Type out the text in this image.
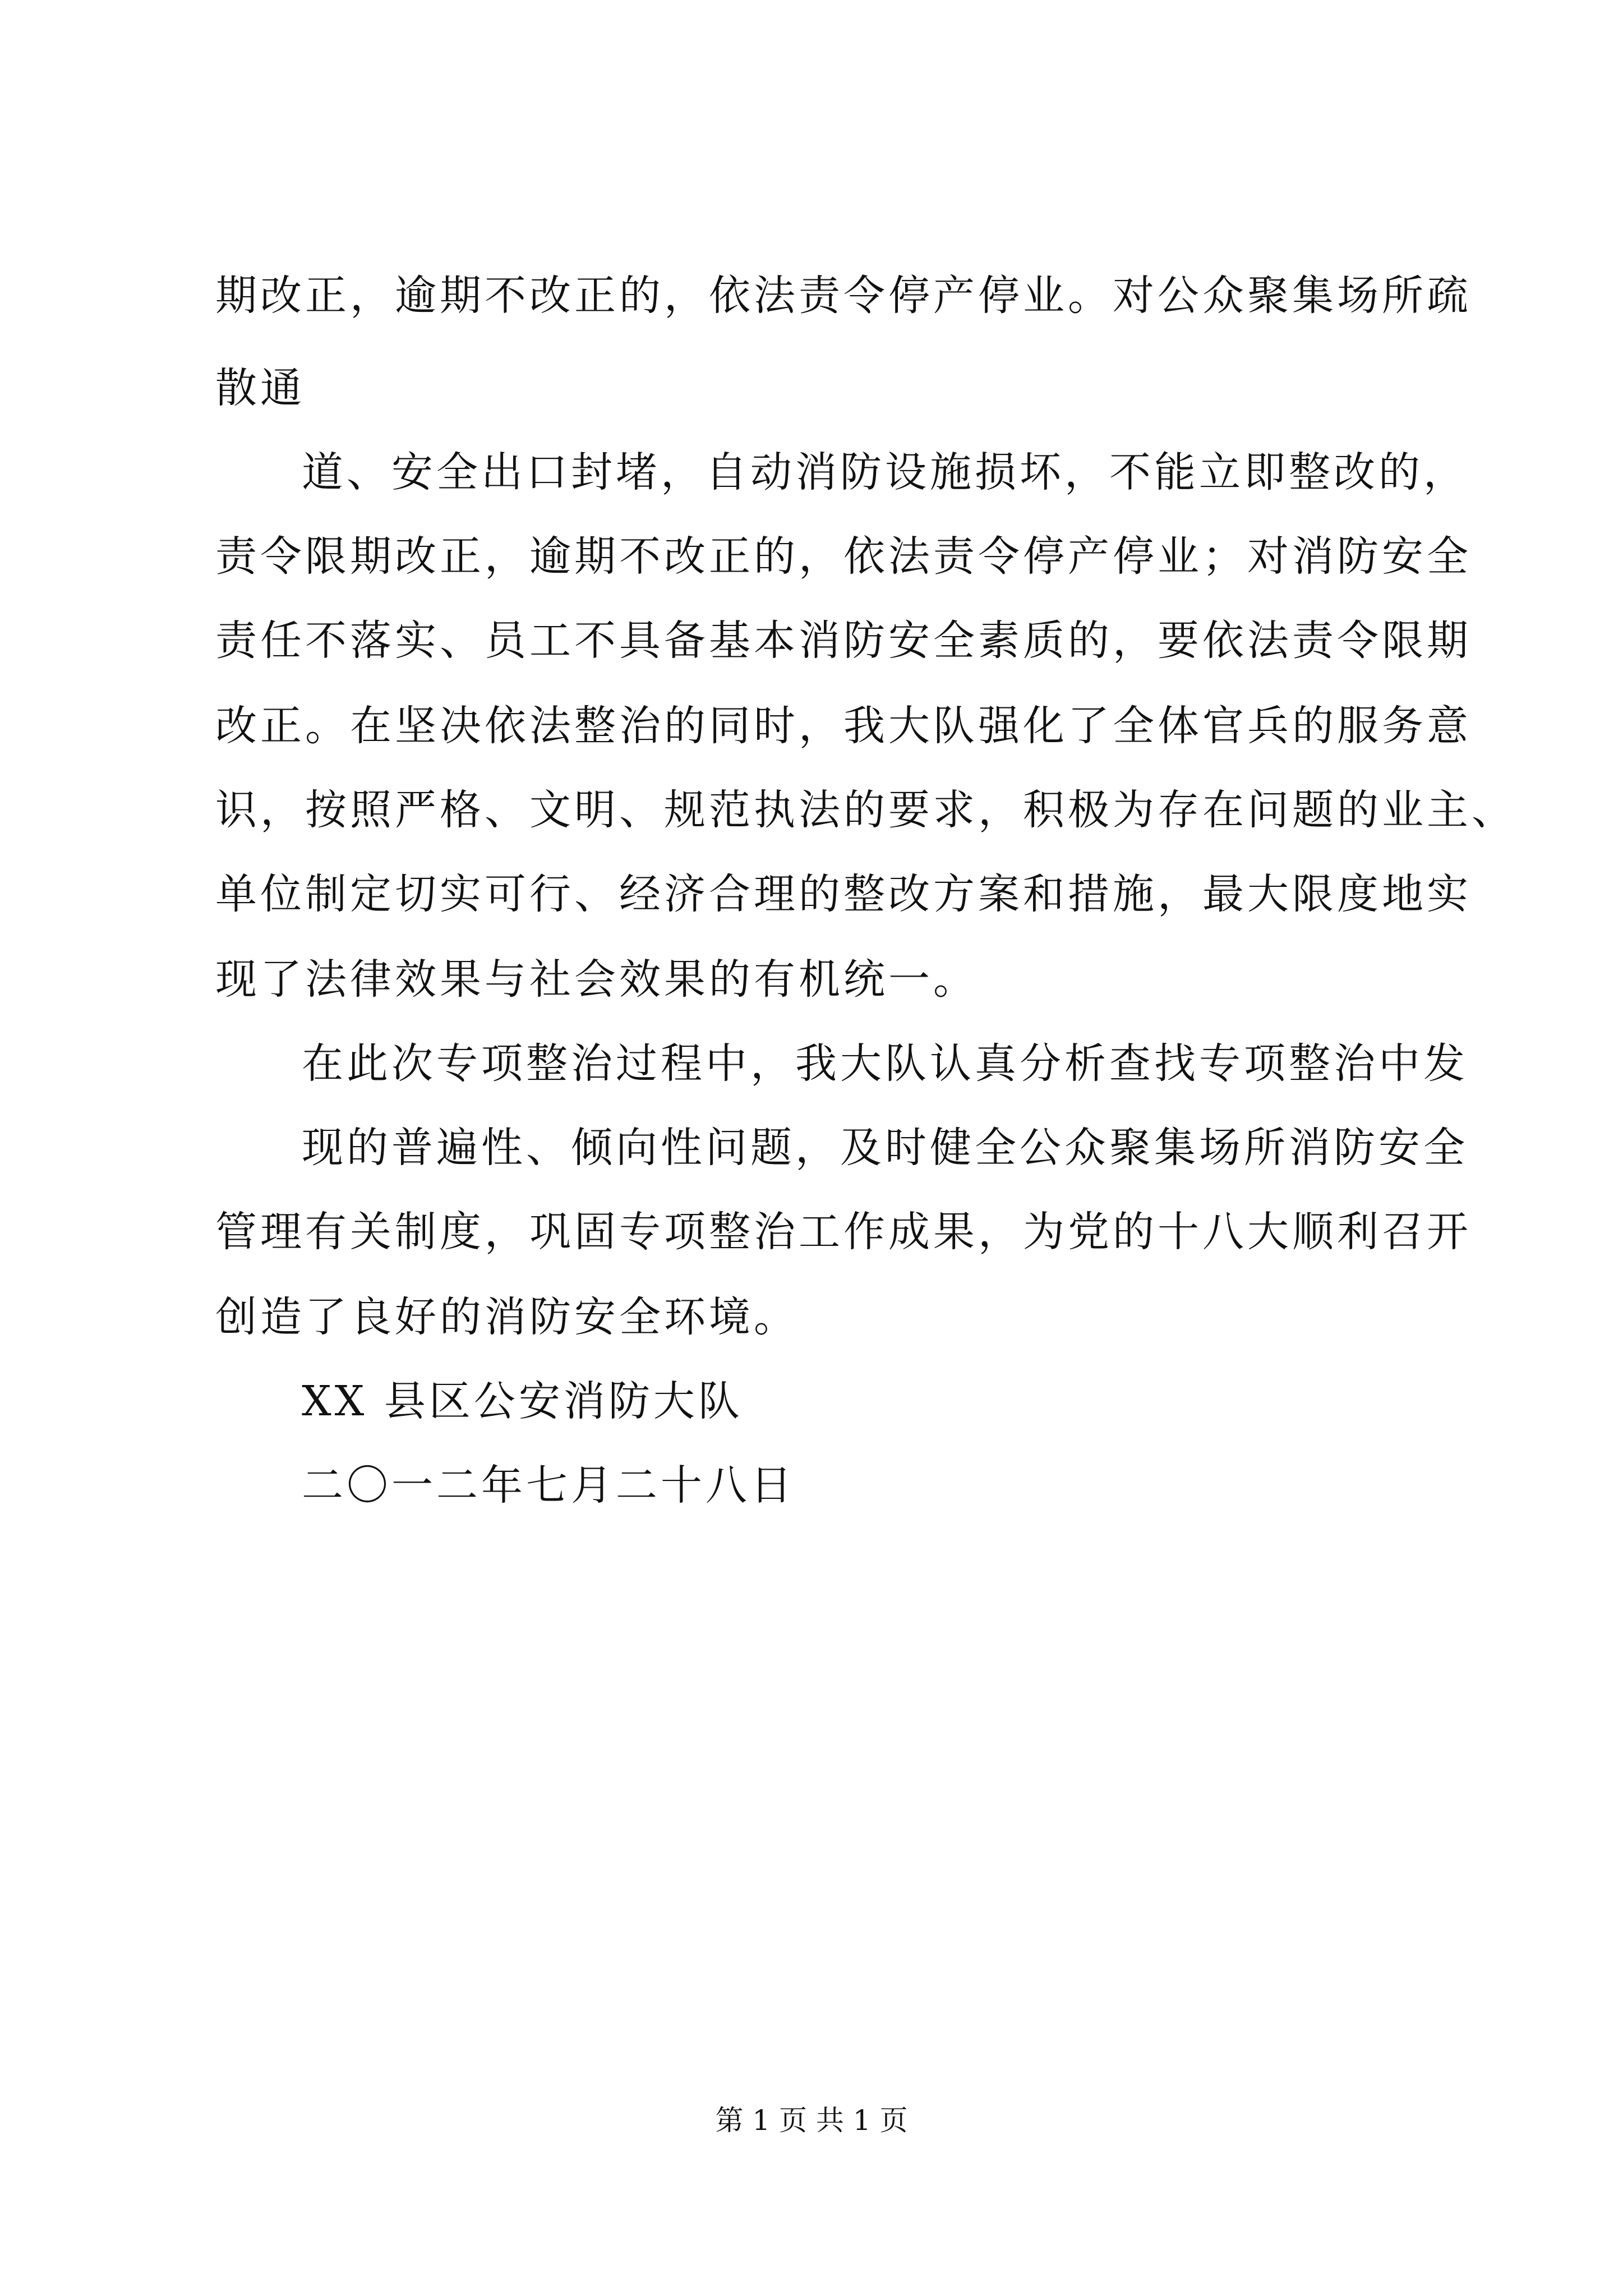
期改正，逾期不改正的，依法责令停产停业。对公众聚集场所疏
散通
道、安全出口封堵，自动消防设施损坏，不能立即整改的，
责令限期改正，逾期不改正的，依法责令停产停业；对消防安全
责任不落实、员工不具备基本消防安全素质的，要依法责令限期
改正。在坚决依法整治的同时，我大队强化了全体官兵的服务意
识，按照严格、文明、规范执法的要求，积极为存在问题的业主、
单位制定切实可行、经济合理的整改方案和措施，最大限度地实
现了法律效果与社会效果的有机统一。
在此次专项整治过程中，我大队认真分析查找专项整治中发
现的普遍性、倾向性问题，及时健全公众聚集场所消防安全
管理有关制度，巩固专项整治工作成果，为党的十八大顺利召开
创造了良好的消防安全环境。
XX 县区公安消防大队
二〇一二年七月二十八日
第 1 页 共 1 页
